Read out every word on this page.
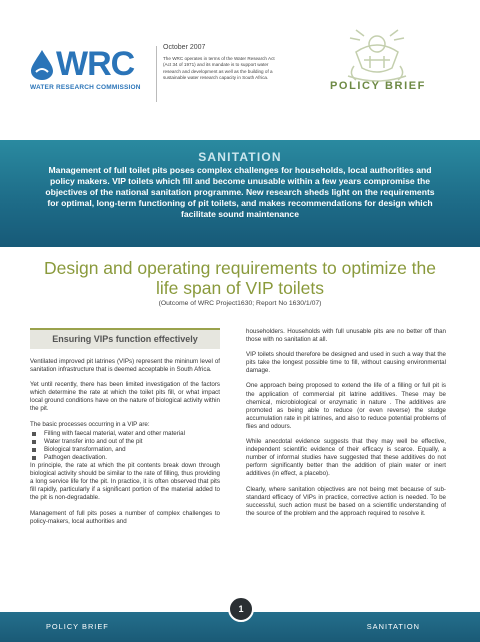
WRC
WATER RESEARCH COMMISSION
October 2007
The WRC operates in terms of the Water Research Act (Act 34 of 1971) and its mandate is to support water research and development as well as the building of a sustainable water research capacity in South Africa.
POLICY BRIEF
SANITATION
Management of full toilet pits poses complex challenges for households, local authorities and policy makers. VIP toilets which fill and become unusable within a few years compromise the objectives of the national sanitation programme. New research sheds light on the requirements for optimal, long-term functioning of pit toilets, and makes recommendations for design which facilitate sound maintenance
Design and operating requirements to optimize the life span of VIP toilets
(Outcome of WRC Project1630; Report No 1630/1/07)
Ensuring VIPs function effectively

Ventilated improved pit latrines (VIPs) represent the mininum level of sanitation infrastructure that is deemed acceptable in South Africa.

Yet until recently, there has been limited investigation of the factors which determine the rate at which the toilet pits fill, or what impact local ground conditions have on the nature of biological activity within the pit.

The basic processes occurring in a VIP are:

Filling with faecal material, water and other material
Water transfer into and out of the pit
Biological transformation, and
Pathogen deactivation.

In principle, the rate at which the pit contents break down through biological activity should be similar to the rate of filling, thus providing a long service life for the pit. In practice, it is often observed that pits fill rapidly, particularly if a significant portion of the material added to the pit is non-degradable.

Management of full pits poses a number of complex challenges to policy-makers, local authorities and

householders. Households with full unusable pits are no better off than those with no sanitation at all.

VIP toilets should therefore be designed and used in such a way that the pits take the longest possible time to fill, without causing environmental damage.

One approach being proposed to extend the life of a filling or full pit is the application of commercial pit latrine additives. These may be chemical, microbiological or enzymatic in nature . The additives are promoted as being able to reduce (or even reverse) the sludge accumulation rate in pit latrines, and also to reduce potential problems of flies and odours.

While anecdotal evidence suggests that they may well be effective, independent scientific evidence of their efficacy is scarce. Equally, a number of informal studies have suggested that these additives do not perform significantly better than the addition of plain water or inert additives (in effect, a placebo).

Clearly, where sanitation objectives are not being met because of sub-standard efficacy of VIPs in practice, corrective action is needed. To be successful, such action must be based on a scientific understanding of the source of the problem and the approach required to resolve it.

POLICY BRIEF	SANITATION
1
